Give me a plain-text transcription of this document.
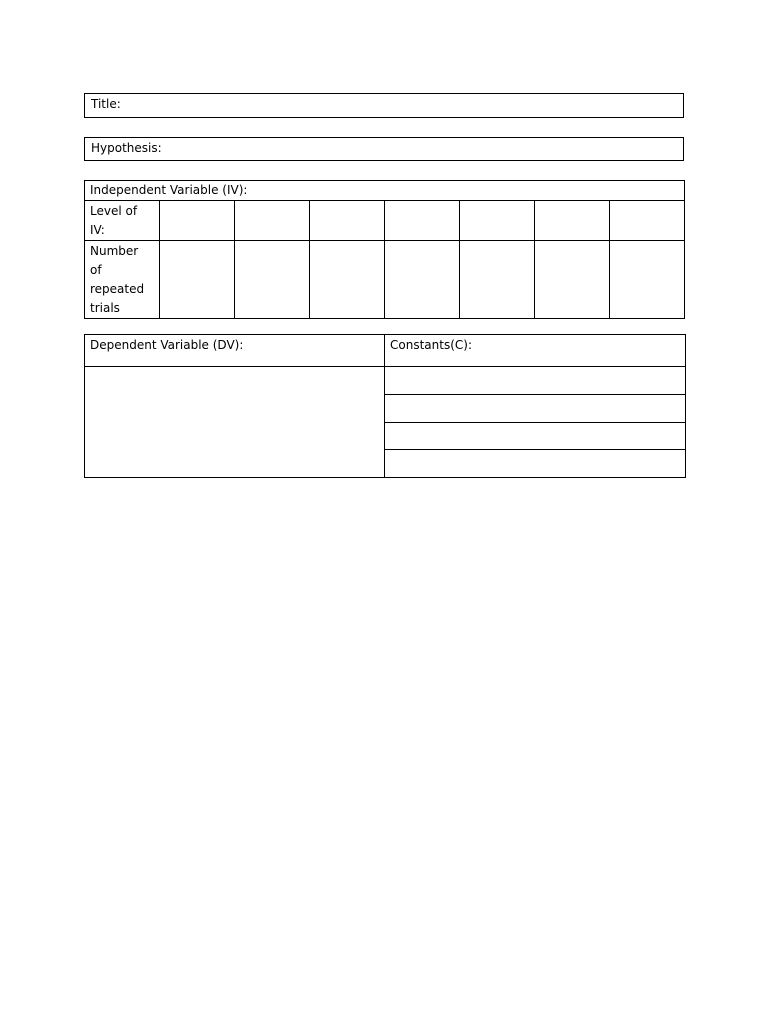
Title:
Hypothesis:
Independent Variable (IV):							

Level of
IV:							

Number
of
repeated
trials							

Dependent Variable (DV):	Constants(C):
